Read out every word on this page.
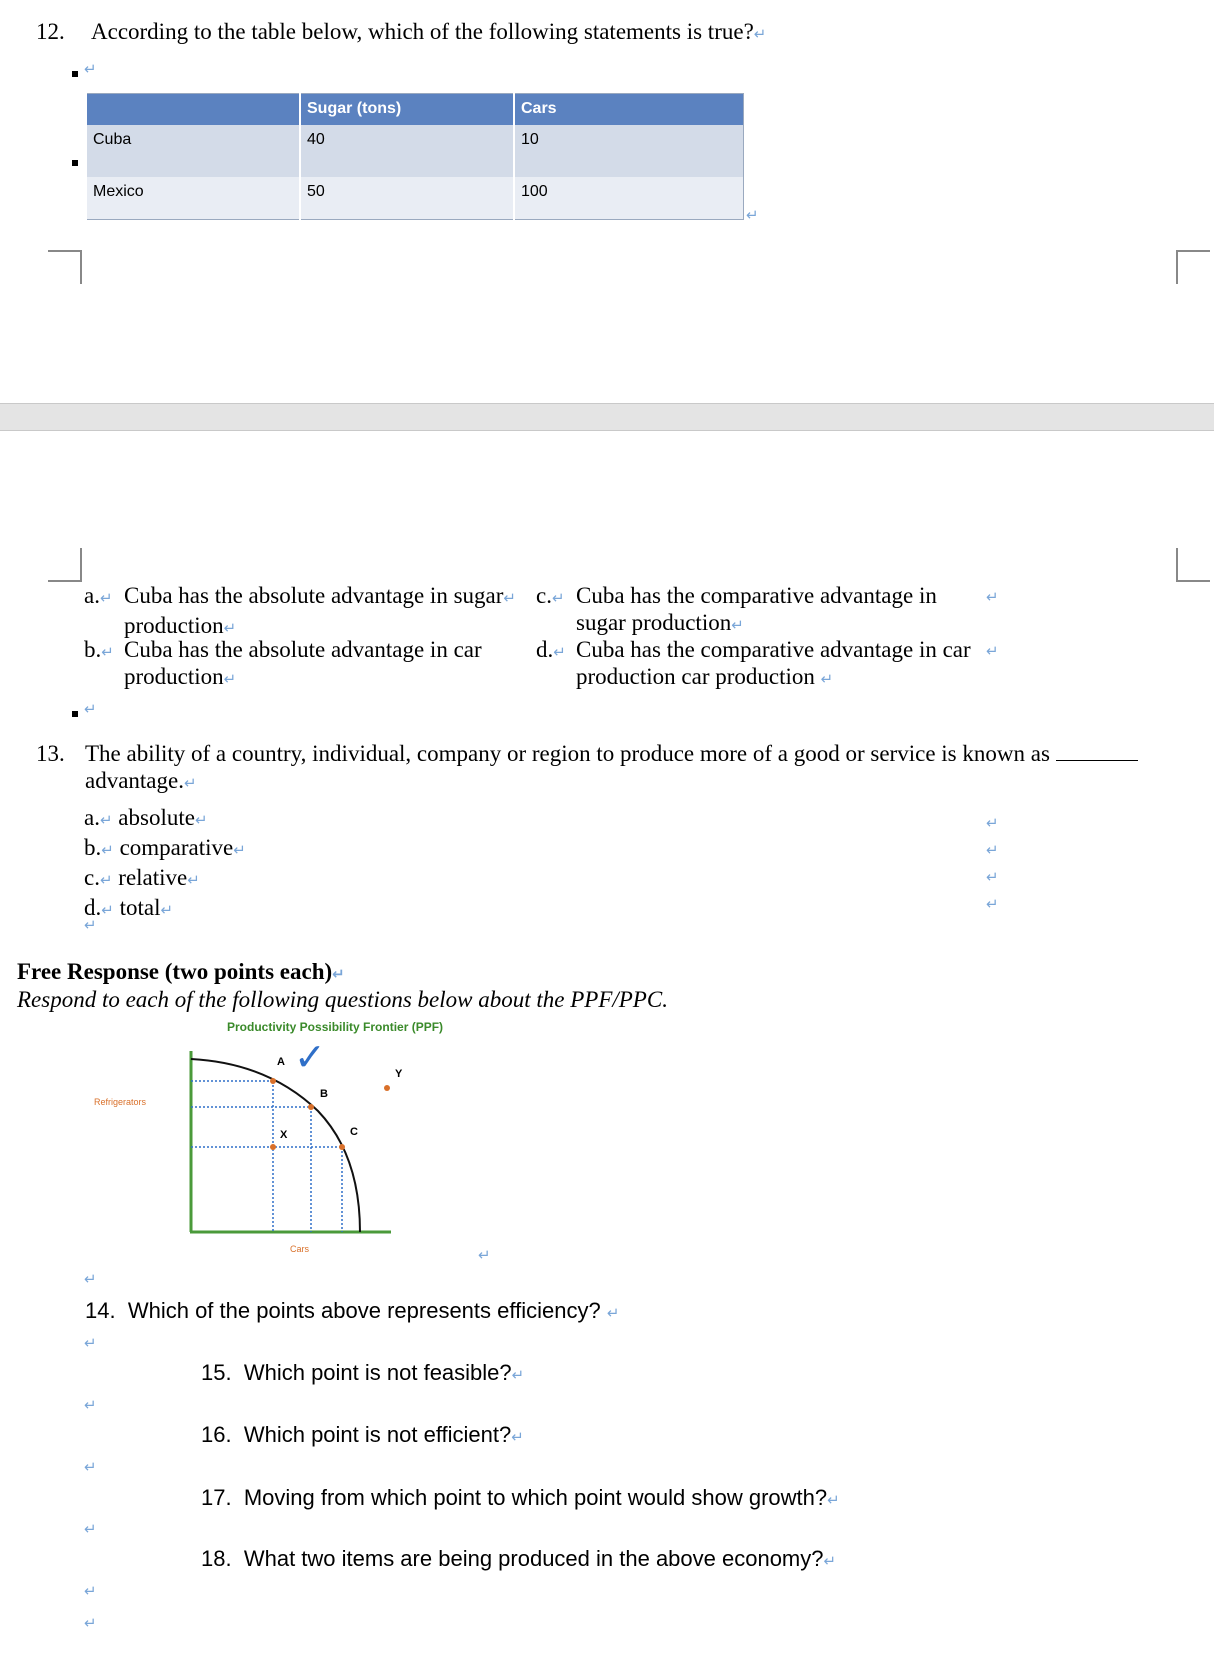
12. According to the table below, which of the following statements is true?↵
↵
	Sugar (tons)	Cars
Cuba	40	10
Mexico	50	100
↵
a.↵ Cuba has the absolute advantage in sugar↵
production↵
b.↵ Cuba has the absolute advantage in car
production↵
c.↵ Cuba has the comparative advantage in
sugar production↵
d.↵ Cuba has the comparative advantage in car
production car production ↵
↵
↵
↵
13. The ability of a country, individual, company or region to produce more of a good or service is known as
advantage.↵
a.↵ absolute↵
b.↵ comparative↵
c.↵ relative↵
d.↵ total↵
↵
↵
↵
↵
↵
Free Response (two points each)↵
Respond to each of the following questions below about the PPF/PPC.
Productivity Possibility Frontier (PPF)
Refrigerators
Cars
A
B
C
X
Y
✓
↵
↵
14. Which of the points above represents efficiency? ↵
↵
15. Which point is not feasible?↵
↵
16. Which point is not efficient?↵
↵
17. Moving from which point to which point would show growth?↵
↵
18. What two items are being produced in the above economy?↵
↵
↵
